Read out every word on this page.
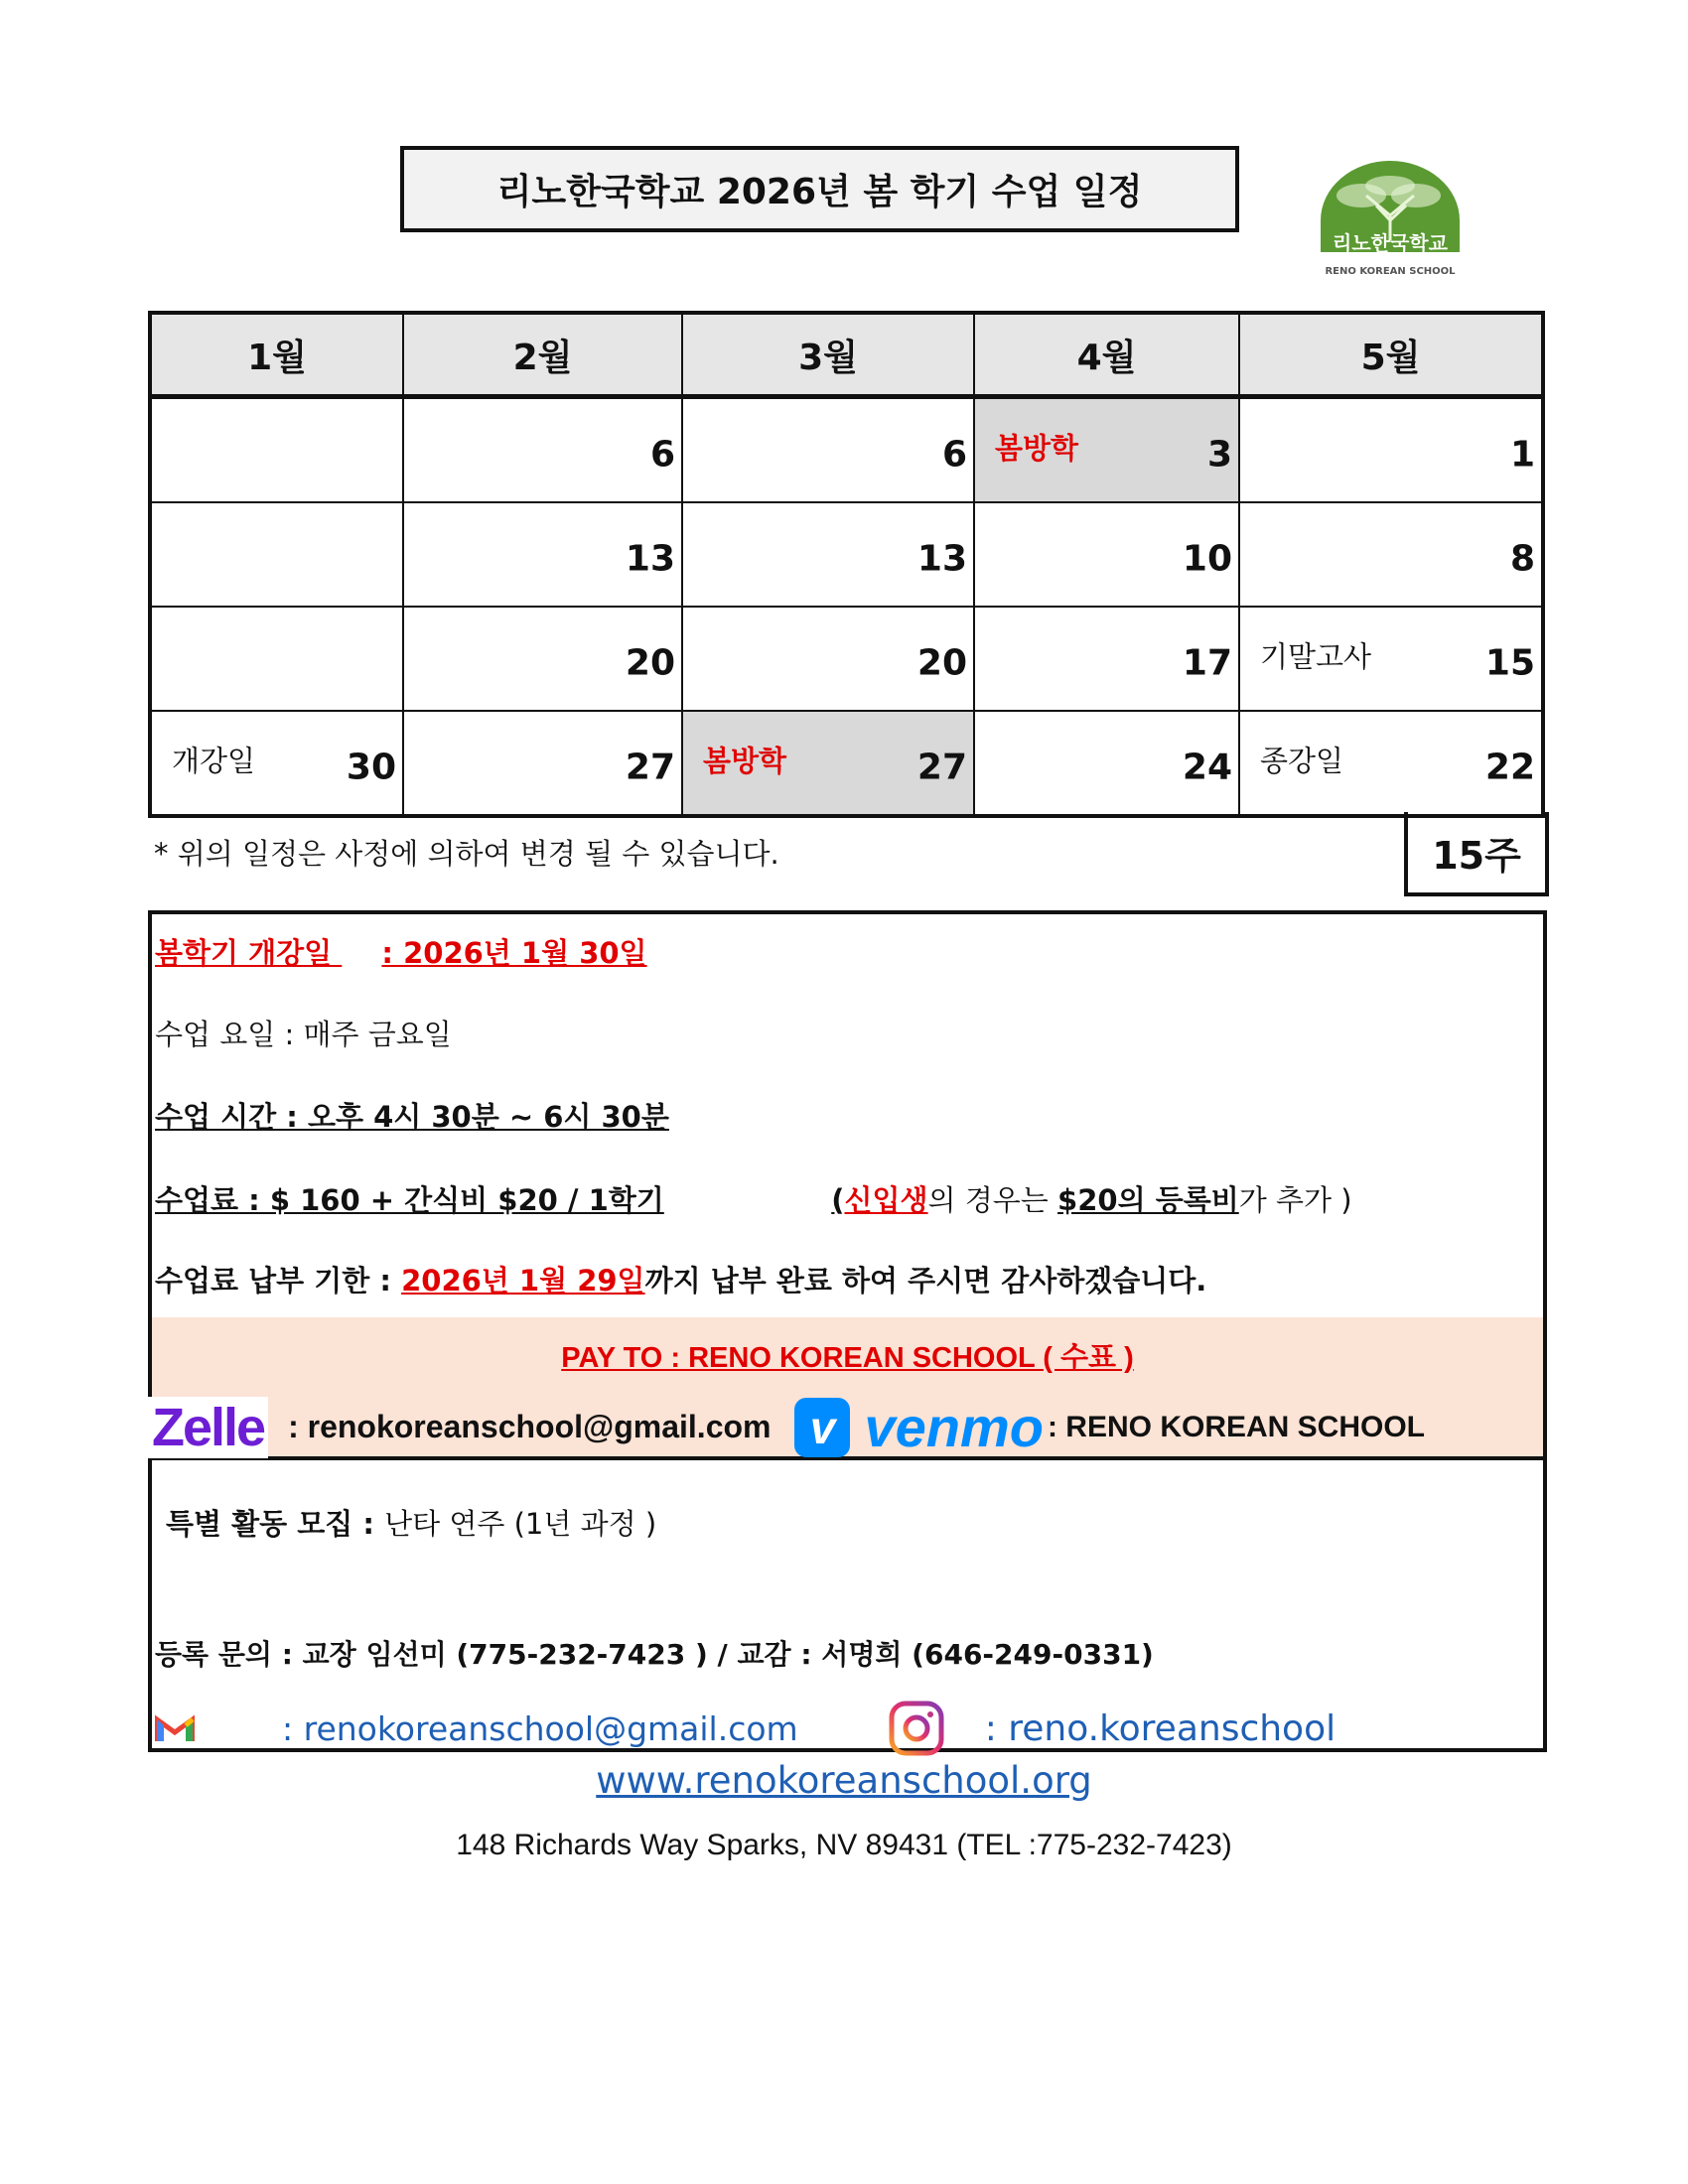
리노한국학교 2026년 봄 학기 수업 일정
리노한국학교
RENO KOREAN SCHOOL
1월	2월	3월	4월	5월

	6	6	봄방학 3	1

	13	13	10	8

	20	20	17	기말고사 15

개강일 30	27	봄방학 27	24	종강일 22
* 위의 일정은 사정에 의하여 변경 될 수 있습니다.	15주
봄학기 개강일  : 2026년 1월 30일
수업 요일 : 매주 금요일
수업 시간 : 오후 4시 30분 ~ 6시 30분
수업료 : $ 160 + 간식비 $20 / 1학기	(신입생의 경우는 $20의 등록비가 추가 )
수업료 납부 기한 : 2026년 1월 29일까지 납부 완료 하여 주시면 감사하겠습니다.
PAY TO : RENO KOREAN SCHOOL ( 수표 )
Zelle : renokoreanschool@gmail.com v venmo : RENO KOREAN SCHOOL
특별 활동 모집 : 난타 연주 (1년 과정 )
등록 문의 : 교장 임선미 (775-232-7423 ) / 교감 : 서명희 (646-249-0331)
: renokoreanschool@gmail.com	: reno.koreanschool
www.renokoreanschool.org
148 Richards Way Sparks, NV 89431 (TEL :775-232-7423)
